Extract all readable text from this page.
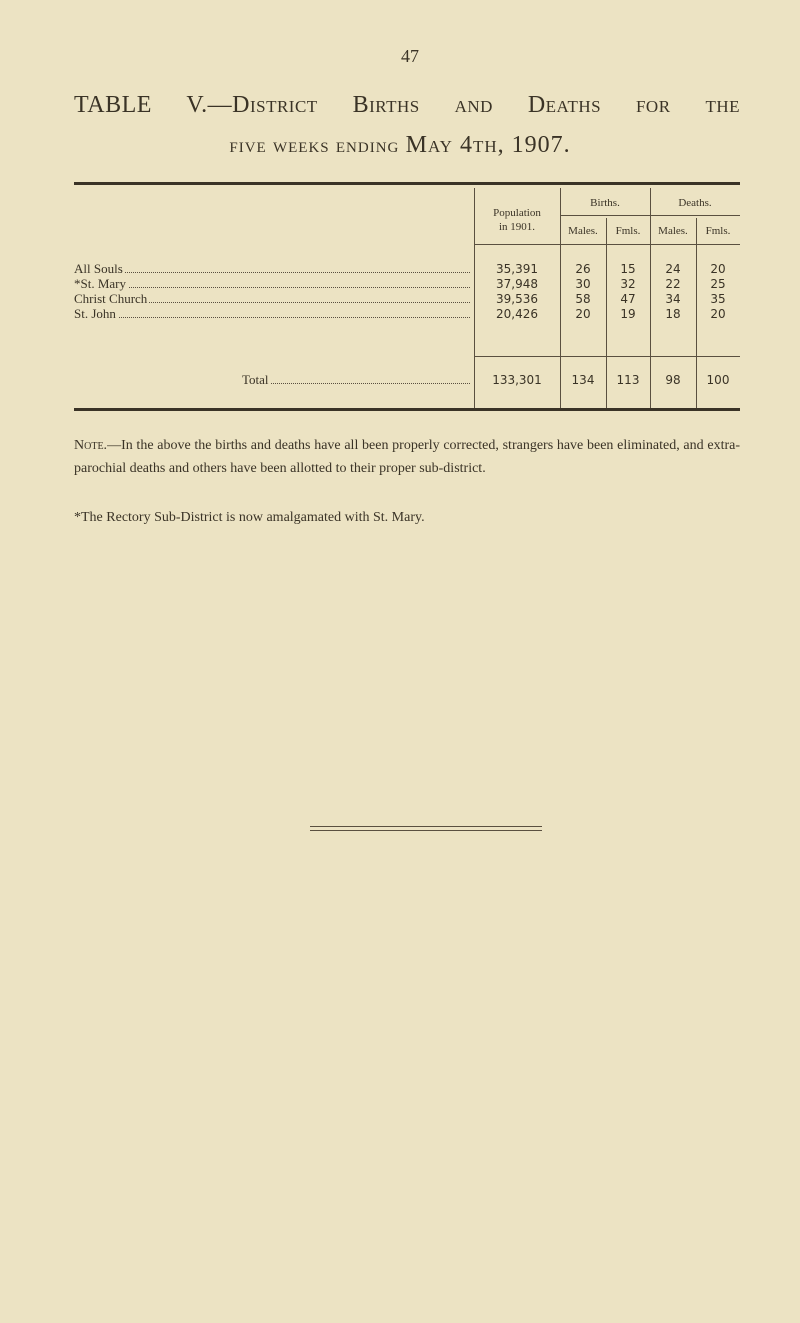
47
TABLE V.—District Births and Deaths for the
five weeks ending May 4th, 1907.
Population
in 1901.
Births.	Deaths.
Males.	Fmls.	Males.	Fmls.
All Souls	35,391	26	15	24	20
*St. Mary	37,948	30	32	22	25
Christ Church	39,536	58	47	34	35
St. John	20,426	20	19	18	20
Total	133,301	134	113	98	100
Note.—In the above the births and deaths have all been properly corrected, strangers have been eliminated, and extra-parochial deaths and others have been allotted to their proper sub-district.
*The Rectory Sub-District is now amalgamated with St. Mary.
